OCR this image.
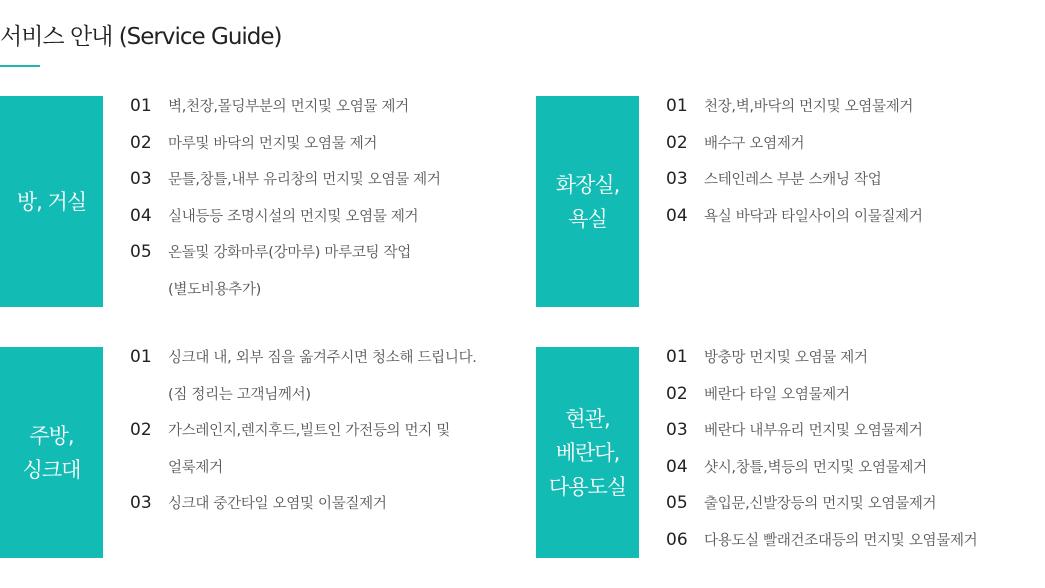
서비스 안내 (Service Guide)
방, 거실
01 벽,천장,몰딩부분의 먼지및 오염물 제거
02 마루및 바닥의 먼지및 오염물 제거
03 문틀,창틀,내부 유리창의 먼지및 오염물 제거
04 실내등등 조명시설의 먼지및 오염물 제거
05 온돌및 강화마루(강마루) 마루코팅 작업
(별도비용추가)
화장실,
욕실
01 천장,벽,바닥의 먼지및 오염물제거
02 배수구 오염제거
03 스테인레스 부분 스캐닝 작업
04 욕실 바닥과 타일사이의 이물질제거
주방,
싱크대
01 싱크대 내, 외부 짐을 옮겨주시면 청소해 드립니다.
(짐 정리는 고객님께서)
02 가스레인지,렌지후드,빌트인 가전등의 먼지 및
얼룩제거
03 싱크대 중간타일 오염및 이물질제거
현관,
베란다,
다용도실
01 방충망 먼지및 오염물 제거
02 베란다 타일 오염물제거
03 베란다 내부유리 먼지및 오염물제거
04 샷시,창틀,벽등의 먼지및 오염물제거
05 출입문,신발장등의 먼지및 오염물제거
06 다용도실 빨래건조대등의 먼지및 오염물제거
